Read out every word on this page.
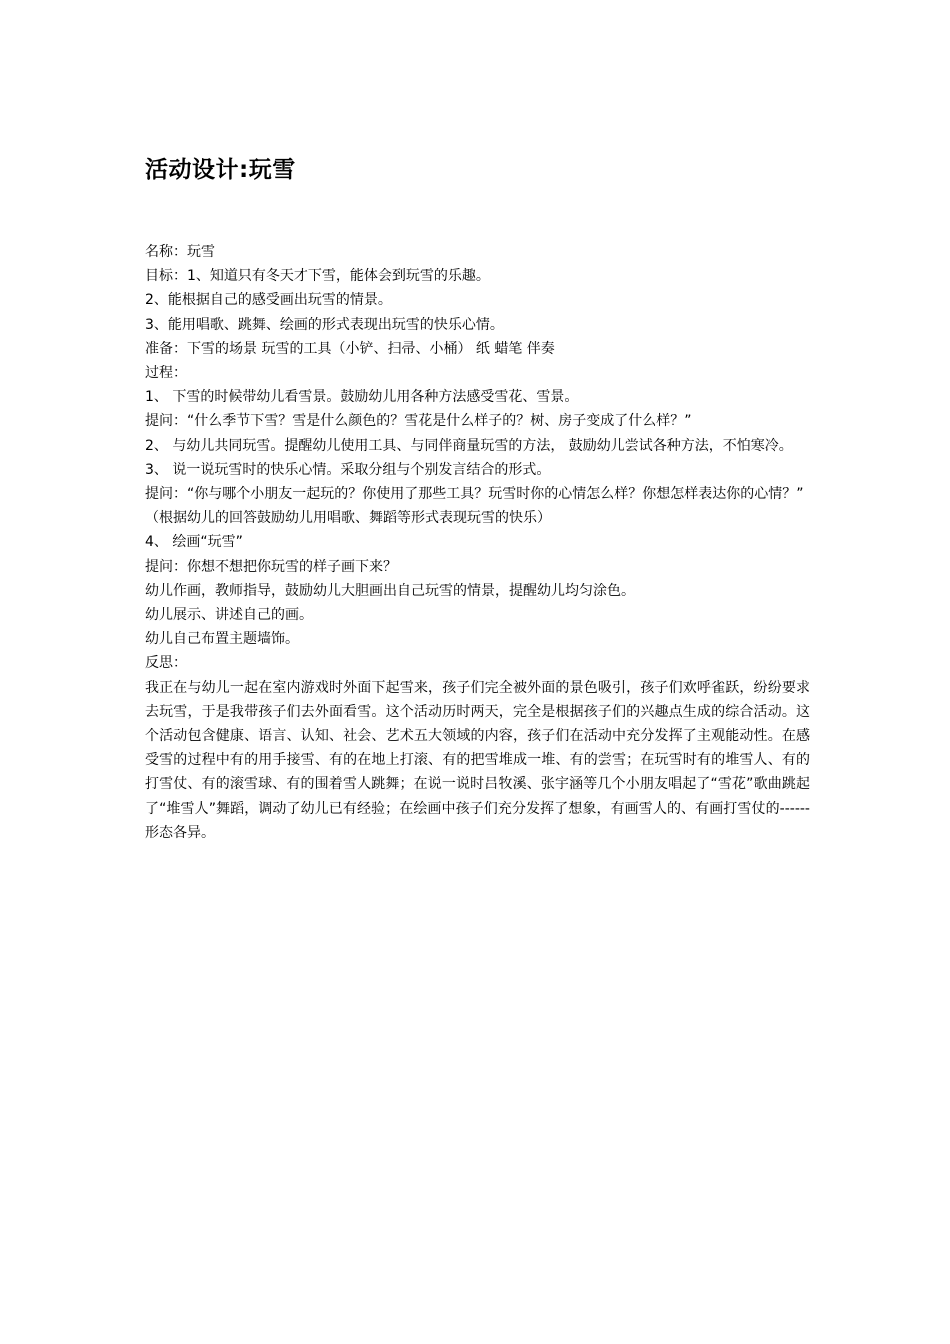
活动设计:玩雪

名称：玩雪

目标：1、知道只有冬天才下雪，能体会到玩雪的乐趣。

2、能根据自己的感受画出玩雪的情景。

3、能用唱歌、跳舞、绘画的形式表现出玩雪的快乐心情。

准备：下雪的场景 玩雪的工具（小铲、扫帚、小桶） 纸 蜡笔 伴奏

过程：

1、 下雪的时候带幼儿看雪景。鼓励幼儿用各种方法感受雪花、雪景。

提问：“什么季节下雪？雪是什么颜色的？雪花是什么样子的？树、房子变成了什么样？”

2、 与幼儿共同玩雪。提醒幼儿使用工具、与同伴商量玩雪的方法， 鼓励幼儿尝试各种方法，不怕寒冷。

3、 说一说玩雪时的快乐心情。采取分组与个别发言结合的形式。

提问：“你与哪个小朋友一起玩的？你使用了那些工具？玩雪时你的心情怎么样？你想怎样表达你的心情？”

（根据幼儿的回答鼓励幼儿用唱歌、舞蹈等形式表现玩雪的快乐）

4、 绘画“玩雪”

提问：你想不想把你玩雪的样子画下来？

幼儿作画，教师指导，鼓励幼儿大胆画出自己玩雪的情景，提醒幼儿均匀涂色。

幼儿展示、讲述自己的画。

幼儿自己布置主题墙饰。

反思：

我正在与幼儿一起在室内游戏时外面下起雪来，孩子们完全被外面的景色吸引，孩子们欢呼雀跃，纷纷要求去玩雪，于是我带孩子们去外面看雪。这个活动历时两天，完全是根据孩子们的兴趣点生成的综合活动。这个活动包含健康、语言、认知、社会、艺术五大领域的内容，孩子们在活动中充分发挥了主观能动性。在感受雪的过程中有的用手接雪、有的在地上打滚、有的把雪堆成一堆、有的尝雪；在玩雪时有的堆雪人、有的打雪仗、有的滚雪球、有的围着雪人跳舞；在说一说时吕牧溪、张宇涵等几个小朋友唱起了“雪花”歌曲跳起了“堆雪人”舞蹈，调动了幼儿已有经验；在绘画中孩子们充分发挥了想象，有画雪人的、有画打雪仗的------形态各异。
